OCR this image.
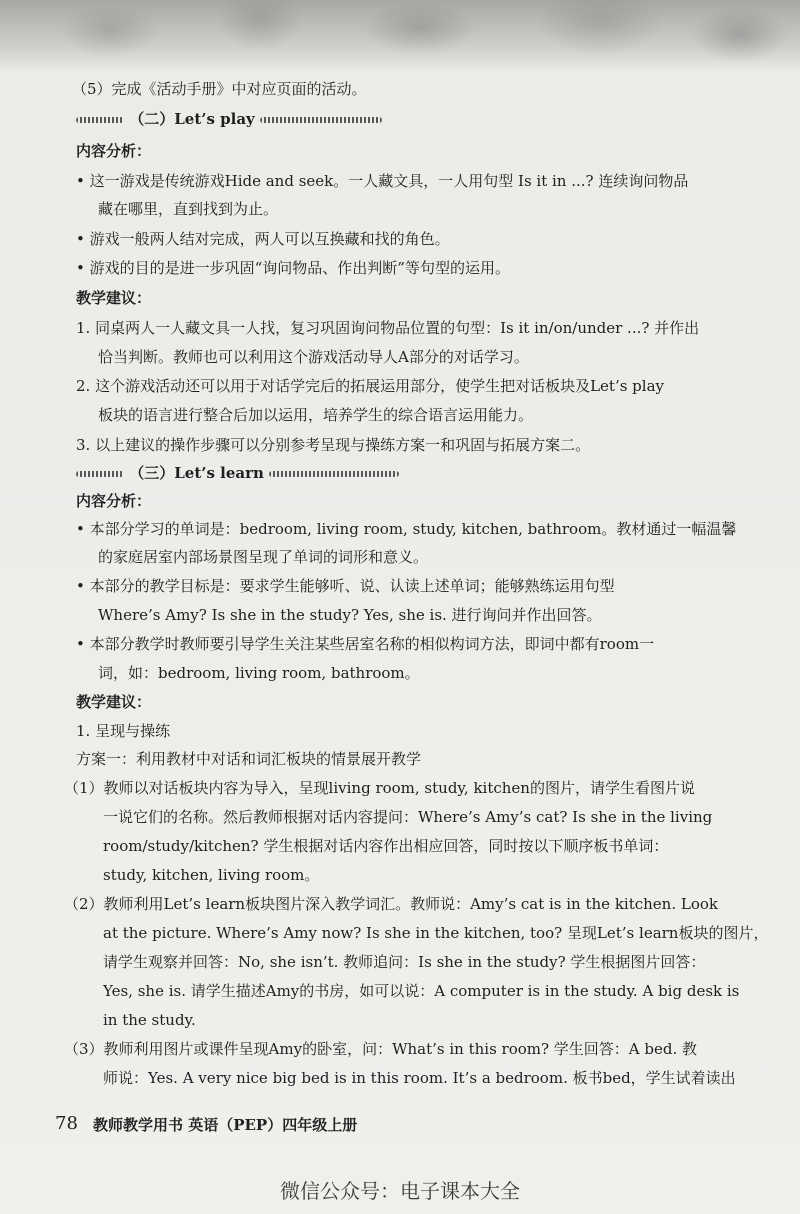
（5）完成《活动手册》中对应页面的活动。
（二）Let’s play
内容分析：
• 这一游戏是传统游戏Hide and seek。一人藏文具，一人用句型 Is it in ...? 连续询问物品
藏在哪里，直到找到为止。
• 游戏一般两人结对完成，两人可以互换藏和找的角色。
• 游戏的目的是进一步巩固“询问物品、作出判断”等句型的运用。
教学建议：
1. 同桌两人一人藏文具一人找，复习巩固询问物品位置的句型：Is it in/on/under ...? 并作出
恰当判断。教师也可以利用这个游戏活动导人A部分的对话学习。
2. 这个游戏活动还可以用于对话学完后的拓展运用部分，使学生把对话板块及Let’s play
板块的语言进行整合后加以运用，培养学生的综合语言运用能力。
3. 以上建议的操作步骤可以分别参考呈现与操练方案一和巩固与拓展方案二。
（三）Let’s learn
内容分析：
• 本部分学习的单词是：bedroom, living room, study, kitchen, bathroom。教材通过一幅温馨
的家庭居室内部场景图呈现了单词的词形和意义。
• 本部分的教学目标是：要求学生能够听、说、认读上述单词；能够熟练运用句型
Where’s Amy? Is she in the study? Yes, she is. 进行询问并作出回答。
• 本部分教学时教师要引导学生关注某些居室名称的相似构词方法，即词中都有room一
词，如：bedroom, living room, bathroom。
教学建议：
1. 呈现与操练
方案一：利用教材中对话和词汇板块的情景展开教学
（1）教师以对话板块内容为导入，呈现living room, study, kitchen的图片，请学生看图片说
一说它们的名称。然后教师根据对话内容提问：Where’s Amy’s cat? Is she in the living
room/study/kitchen? 学生根据对话内容作出相应回答，同时按以下顺序板书单词：
study, kitchen, living room。
（2）教师利用Let’s learn板块图片深入教学词汇。教师说：Amy’s cat is in the kitchen. Look
at the picture. Where’s Amy now? Is she in the kitchen, too? 呈现Let’s learn板块的图片，
请学生观察并回答：No, she isn’t. 教师追问：Is she in the study? 学生根据图片回答：
Yes, she is. 请学生描述Amy的书房，如可以说：A computer is in the study. A big desk is
in the study.
（3）教师利用图片或课件呈现Amy的卧室，问：What’s in this room? 学生回答：A bed. 教
师说：Yes. A very nice big bed is in this room. It’s a bedroom. 板书bed，学生试着读出
78 教师教学用书 英语（PEP）四年级上册
微信公众号：电子课本大全
